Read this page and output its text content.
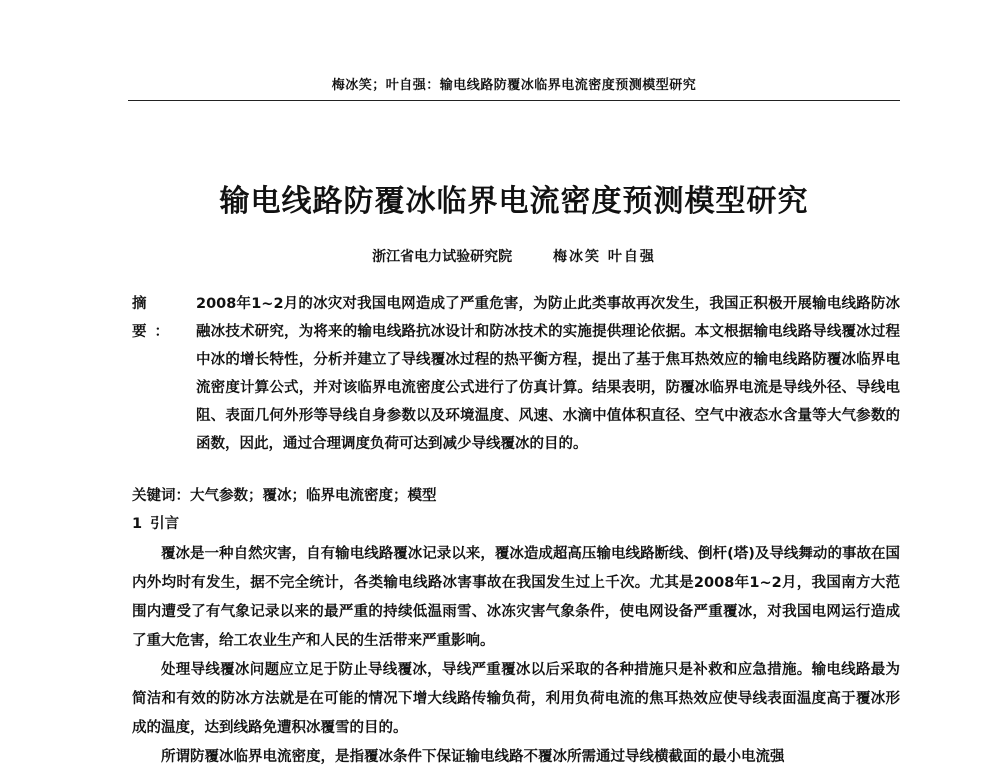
梅冰笑；叶自强：输电线路防覆冰临界电流密度预测模型研究
输电线路防覆冰临界电流密度预测模型研究
浙江省电力试验研究院	梅冰笑 叶自强
摘 要：
2008年1~2月的冰灾对我国电网造成了严重危害，为防止此类事故再次发生，我国正积极开展输电线路防冰融冰技术研究，为将来的输电线路抗冰设计和防冰技术的实施提供理论依据。本文根据输电线路导线覆冰过程中冰的增长特性，分析并建立了导线覆冰过程的热平衡方程，提出了基于焦耳热效应的输电线路防覆冰临界电流密度计算公式，并对该临界电流密度公式进行了仿真计算。结果表明，防覆冰临界电流是导线外径、导线电阻、表面几何外形等导线自身参数以及环境温度、风速、水滴中值体积直径、空气中液态水含量等大气参数的函数，因此，通过合理调度负荷可达到减少导线覆冰的目的。
关键词：大气参数；覆冰；临界电流密度；模型
1 引言

覆冰是一种自然灾害，自有输电线路覆冰记录以来，覆冰造成超高压输电线路断线、倒杆(塔)及导线舞动的事故在国内外均时有发生，据不完全统计，各类输电线路冰害事故在我国发生过上千次。尤其是2008年1~2月，我国南方大范围内遭受了有气象记录以来的最严重的持续低温雨雪、冰冻灾害气象条件，使电网设备严重覆冰，对我国电网运行造成了重大危害，给工农业生产和人民的生活带来严重影响。

处理导线覆冰问题应立足于防止导线覆冰，导线严重覆冰以后采取的各种措施只是补救和应急措施。输电线路最为简洁和有效的防冰方法就是在可能的情况下增大线路传输负荷，利用负荷电流的焦耳热效应使导线表面温度高于覆冰形成的温度，达到线路免遭积冰覆雪的目的。

所谓防覆冰临界电流密度，是指覆冰条件下保证输电线路不覆冰所需通过导线横截面的最小电流强
